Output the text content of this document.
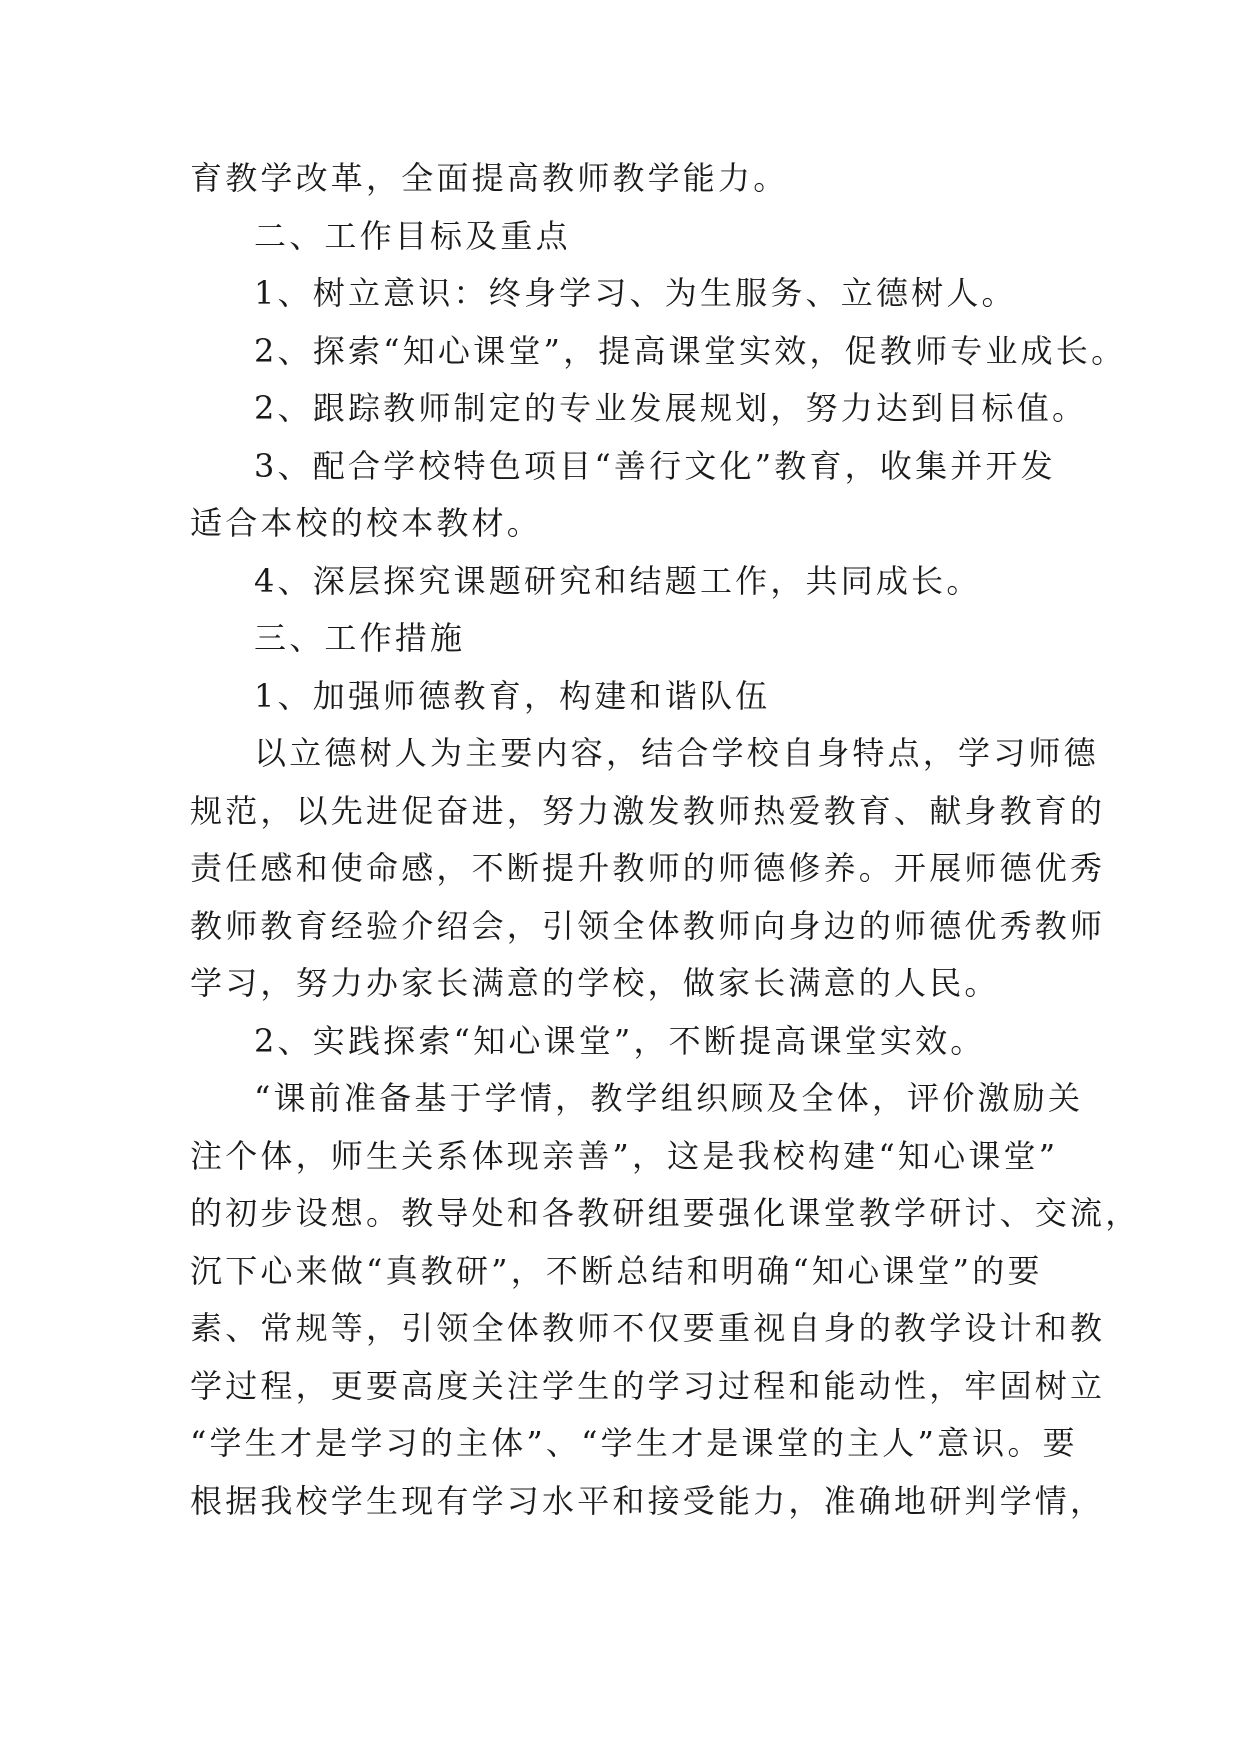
育教学改革，全面提高教师教学能力。
二、工作目标及重点
1、树立意识：终身学习、为生服务、立德树人。
2、探索“知心课堂”，提高课堂实效，促教师专业成长。
2、跟踪教师制定的专业发展规划，努力达到目标值。
3、配合学校特色项目“善行文化”教育，收集并开发
适合本校的校本教材。
4、深层探究课题研究和结题工作，共同成长。
三、工作措施
1、加强师德教育，构建和谐队伍
以立德树人为主要内容，结合学校自身特点，学习师德
规范，以先进促奋进，努力激发教师热爱教育、献身教育的
责任感和使命感，不断提升教师的师德修养。开展师德优秀
教师教育经验介绍会，引领全体教师向身边的师德优秀教师
学习，努力办家长满意的学校，做家长满意的人民。
2、实践探索“知心课堂”，不断提高课堂实效。
“课前准备基于学情，教学组织顾及全体，评价激励关
注个体，师生关系体现亲善”，这是我校构建“知心课堂”
的初步设想。教导处和各教研组要强化课堂教学研讨、交流，
沉下心来做“真教研”，不断总结和明确“知心课堂”的要
素、常规等，引领全体教师不仅要重视自身的教学设计和教
学过程，更要高度关注学生的学习过程和能动性，牢固树立
“学生才是学习的主体”、“学生才是课堂的主人”意识。要
根据我校学生现有学习水平和接受能力，准确地研判学情，
